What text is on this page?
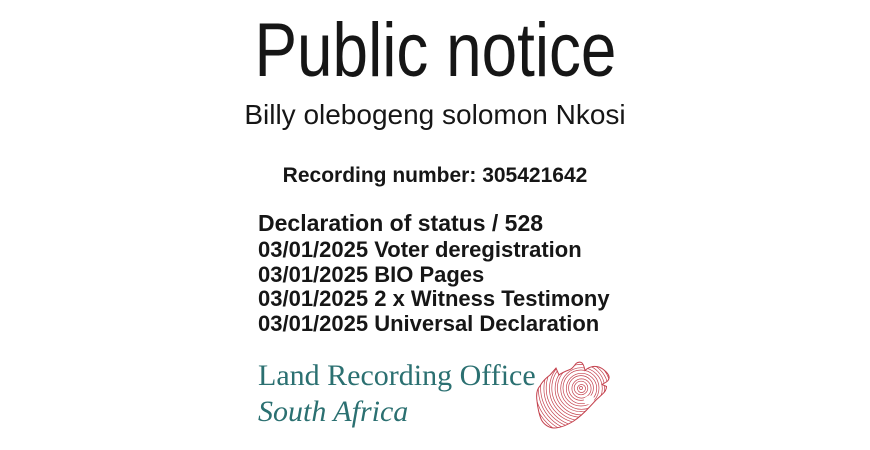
Public notice
Billy olebogeng solomon Nkosi
Recording number: 305421642
Declaration of status / 528
03/01/2025 Voter deregistration
03/01/2025 BIO Pages
03/01/2025 2 x Witness Testimony
03/01/2025 Universal Declaration
Land Recording Office
South Africa
